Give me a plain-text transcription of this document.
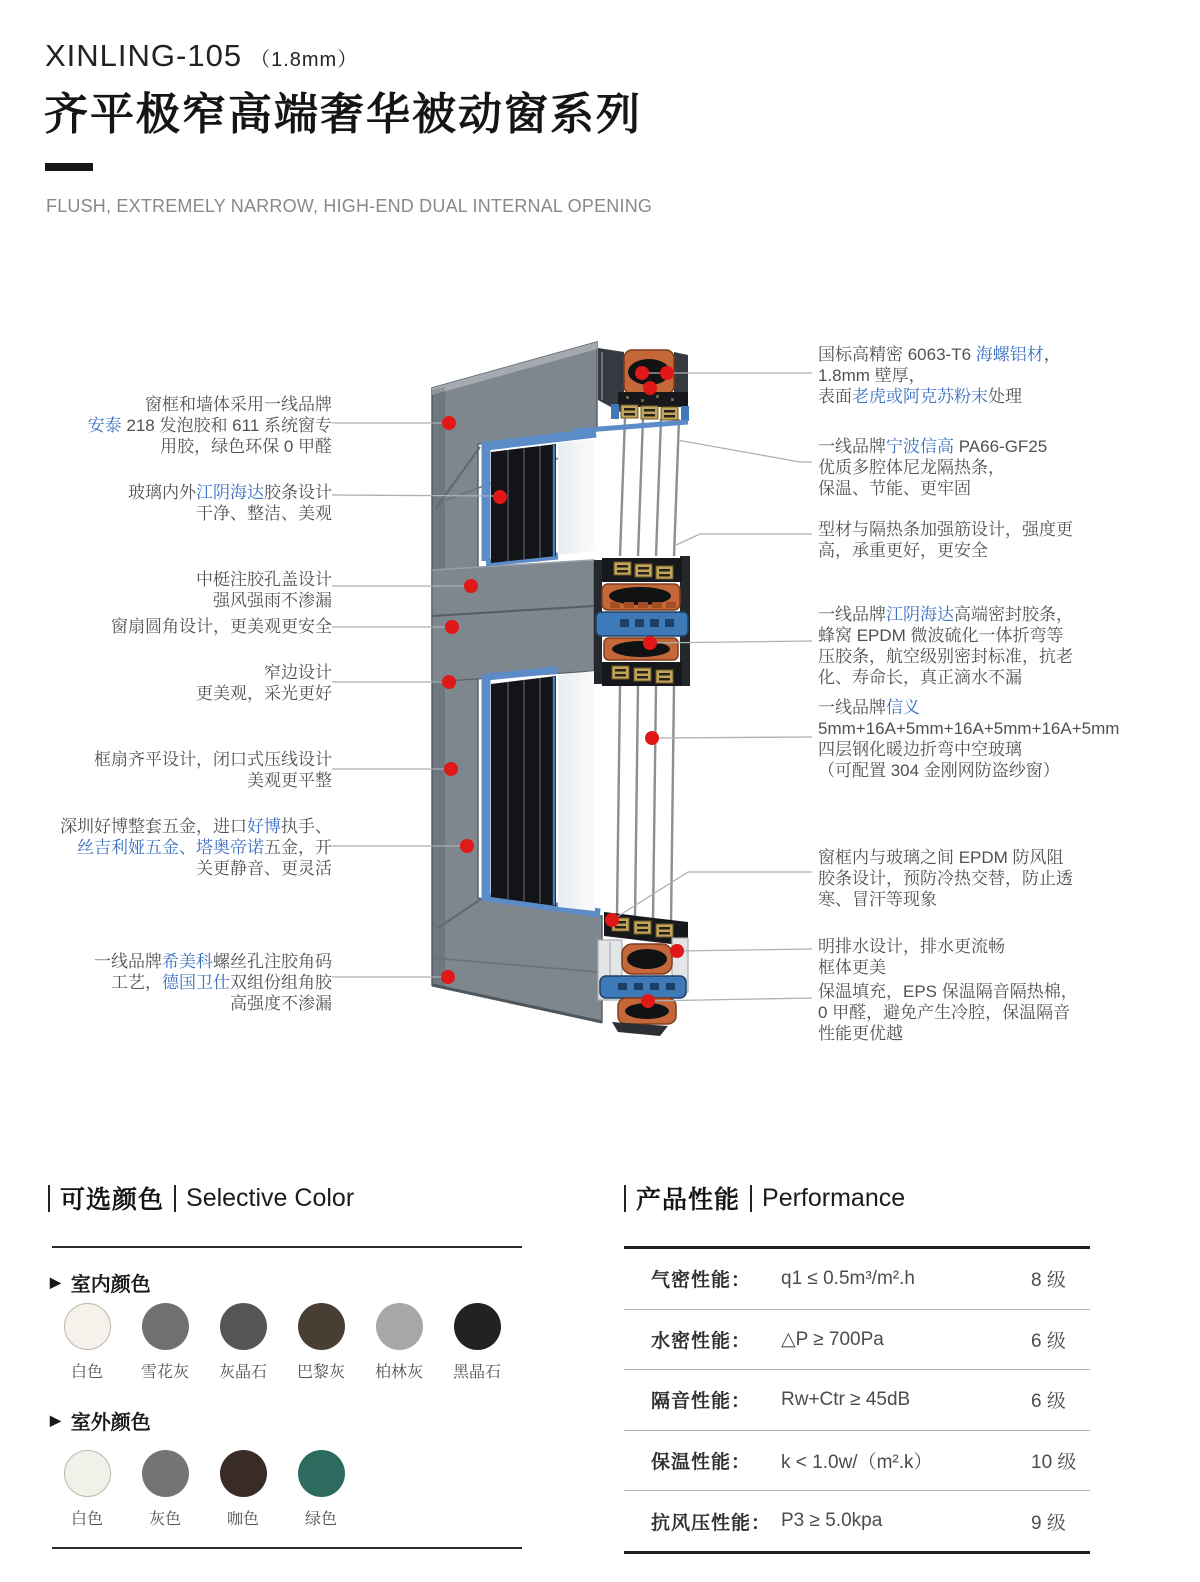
XINLING-105 （1.8mm）
齐平极窄高端奢华被动窗系列
FLUSH, EXTREMELY NARROW, HIGH-END DUAL INTERNAL OPENING
窗框和墙体采用一线品牌
安泰 218 发泡胶和 611 系统窗专
用胶，绿色环保 0 甲醛
玻璃内外江阴海达胶条设计
干净、整洁、美观
中梃注胶孔盖设计
强风强雨不渗漏
窗扇圆角设计，更美观更安全
窄边设计
更美观，采光更好
框扇齐平设计，闭口式压线设计
美观更平整
深圳好博整套五金，进口好博执手、
丝吉利娅五金、塔奥帝诺五金，开
关更静音、更灵活
一线品牌希美科螺丝孔注胶角码
工艺，德国卫仕双组份组角胶
高强度不渗漏
国标高精密 6063-T6 海螺铝材，
1.8mm 壁厚，
表面老虎或阿克苏粉末处理
一线品牌宁波信高 PA66-GF25
优质多腔体尼龙隔热条，
保温、节能、更牢固
型材与隔热条加强筋设计，强度更
高，承重更好，更安全
一线品牌江阴海达高端密封胶条，
蜂窝 EPDM 微波硫化一体折弯等
压胶条，航空级别密封标准，抗老
化、寿命长，真正滴水不漏
一线品牌信义
5mm+16A+5mm+16A+5mm+16A+5mm
四层钢化暖边折弯中空玻璃
（可配置 304 金刚网防盗纱窗）
窗框内与玻璃之间 EPDM 防风阻
胶条设计，预防冷热交替，防止透
寒、冒汗等现象
明排水设计，排水更流畅
框体更美
保温填充，EPS 保温隔音隔热棉，
0 甲醛，避免产生冷腔，保温隔音
性能更优越
可选颜色 Selective Color
▶ 室内颜色
白色 雪花灰 灰晶石 巴黎灰 柏林灰 黑晶石
▶ 室外颜色
白色	灰色	咖色	绿色
产品性能 Performance
气密性能：	q1 ≤ 0.5m³/m².h	8 级
水密性能：	△P ≥ 700Pa	6 级
隔音性能：	Rw+Ctr ≥ 45dB	6 级
保温性能：	k < 1.0w/（m².k）	10 级
抗风压性能： P3 ≥ 5.0kpa	9 级
